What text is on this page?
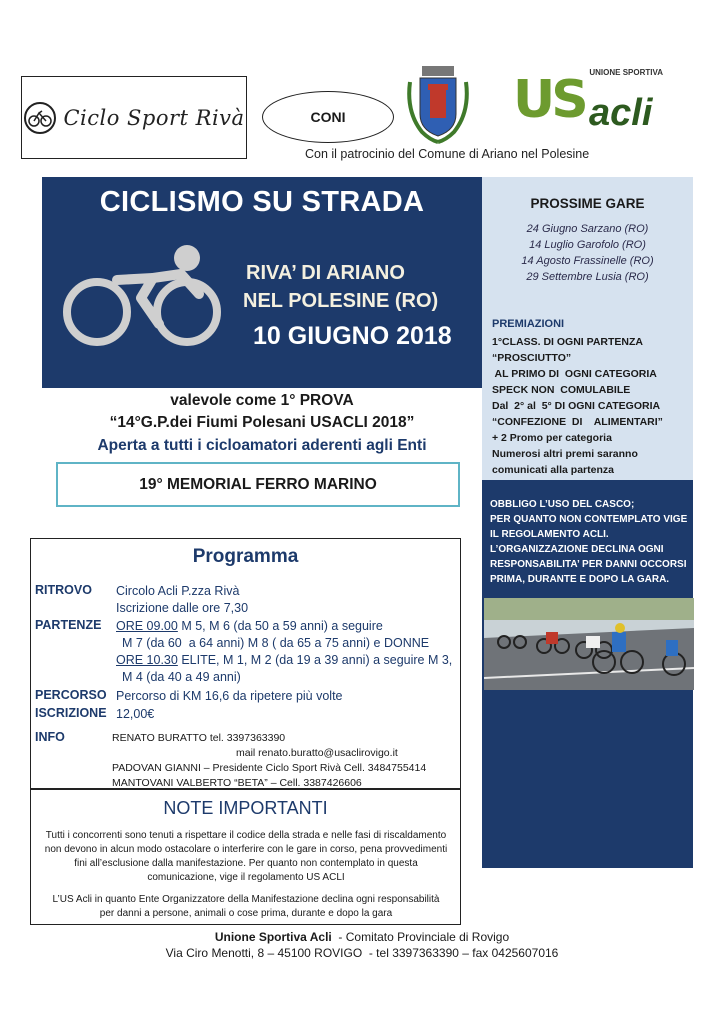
Ciclo Sport Rivà	CONI
UNIONE SPORTIVA
US acli
Con il patrocinio del Comune di Ariano nel Polesine
CICLISMO SU STRADA
RIVA’ DI ARIANO
NEL POLESINE (RO)
10 GIUGNO 2018
PROSSIME GARE
24 Giugno Sarzano (RO)
14 Luglio Garofolo (RO)
14 Agosto Frassinelle (RO)
29 Settembre Lusia (RO)
PREMIAZIONI
1°CLASS. DI OGNI PARTENZA
“PROSCIUTTO”
AL PRIMO DI  OGNI CATEGORIA
SPECK NON  COMULABILE
Dal  2° al  5° DI OGNI CATEGORIA
“CONFEZIONE  DI    ALIMENTARI”
+ 2 Promo per categoria
Numerosi altri premi saranno
comunicati alla partenza
OBBLIGO L’USO DEL CASCO;
PER QUANTO NON CONTEMPLATO VIGE
IL REGOLAMENTO ACLI.
L’ORGANIZZAZIONE DECLINA OGNI
RESPONSABILITA’ PER DANNI OCCORSI
PRIMA, DURANTE E DOPO LA GARA.
valevole come 1° PROVA
“14°G.P.dei Fiumi Polesani USACLI 2018”
Aperta a tutti i cicloamatori aderenti agli Enti
19° MEMORIAL FERRO MARINO
Programma
RITROVO Circolo Acli P.zza Rivà
Iscrizione dalle ore 7,30
PARTENZE ORE 09.00 M 5, M 6 (da 50 a 59 anni) a seguire
M 7 (da 60  a 64 anni) M 8 ( da 65 a 75 anni) e DONNE
ORE 10.30 ELITE, M 1, M 2 (da 19 a 39 anni) a seguire M 3,
M 4 (da 40 a 49 anni)
PERCORSO Percorso di KM 16,6 da ripetere più volte
ISCRIZIONE 12,00€
INFO	RENATO BURATTO tel. 3397363390
mail renato.buratto@usaclirovigo.it
PADOVAN GIANNI – Presidente Ciclo Sport Rivà Cell. 3484755414
MANTOVANI VALBERTO “BETA” – Cell. 3387426606
NOTE IMPORTANTI
Tutti i concorrenti sono tenuti a rispettare il codice della strada e nelle fasi di riscaldamento non devono in alcun modo ostacolare o interferire con le gare in corso, pena provvedimenti fini all’esclusione dalla manifestazione. Per quanto non contemplato in questa comunicazione, vige il regolamento US ACLI
L’US Acli in quanto Ente Organizzatore della Manifestazione declina ogni responsabilità per danni a persone, animali o cose prima, durante e dopo la gara
Unione Sportiva Acli  - Comitato Provinciale di Rovigo
Via Ciro Menotti, 8 – 45100 ROVIGO  - tel 3397363390 – fax 0425607016
